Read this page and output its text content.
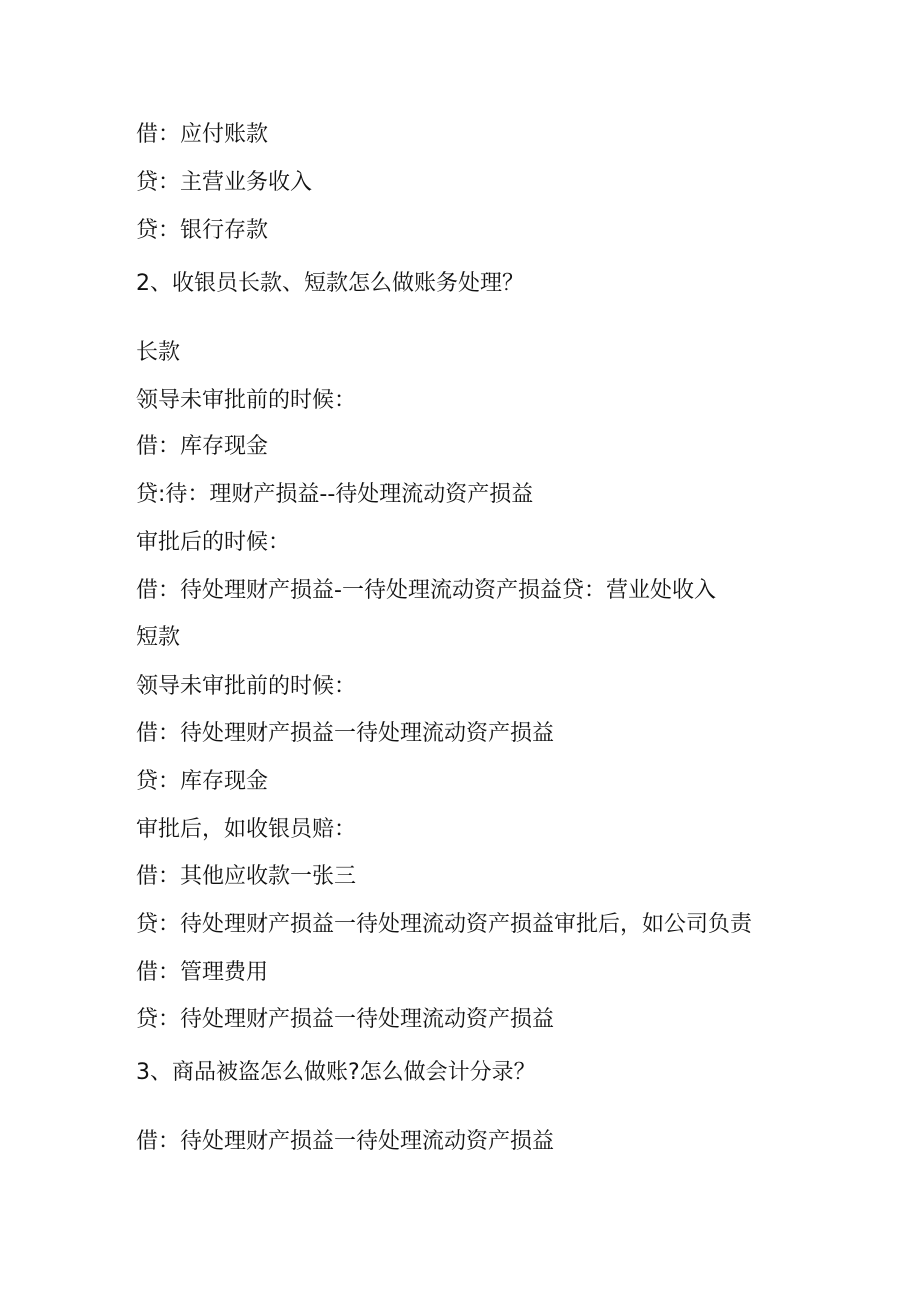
借：应付账款
贷：主营业务收入
贷：银行存款
2、收银员长款、短款怎么做账务处理？
长款
领导未审批前的时候：
借：库存现金
贷:待：理财产损益--待处理流动资产损益
审批后的时候：
借：待处理财产损益-一待处理流动资产损益贷：营业处收入
短款
领导未审批前的时候：
借：待处理财产损益一待处理流动资产损益
贷：库存现金
审批后，如收银员赔：
借：其他应收款一张三
贷：待处理财产损益一待处理流动资产损益审批后，如公司负责
借：管理费用
贷：待处理财产损益一待处理流动资产损益
3、商品被盗怎么做账?怎么做会计分录？
借：待处理财产损益一待处理流动资产损益
